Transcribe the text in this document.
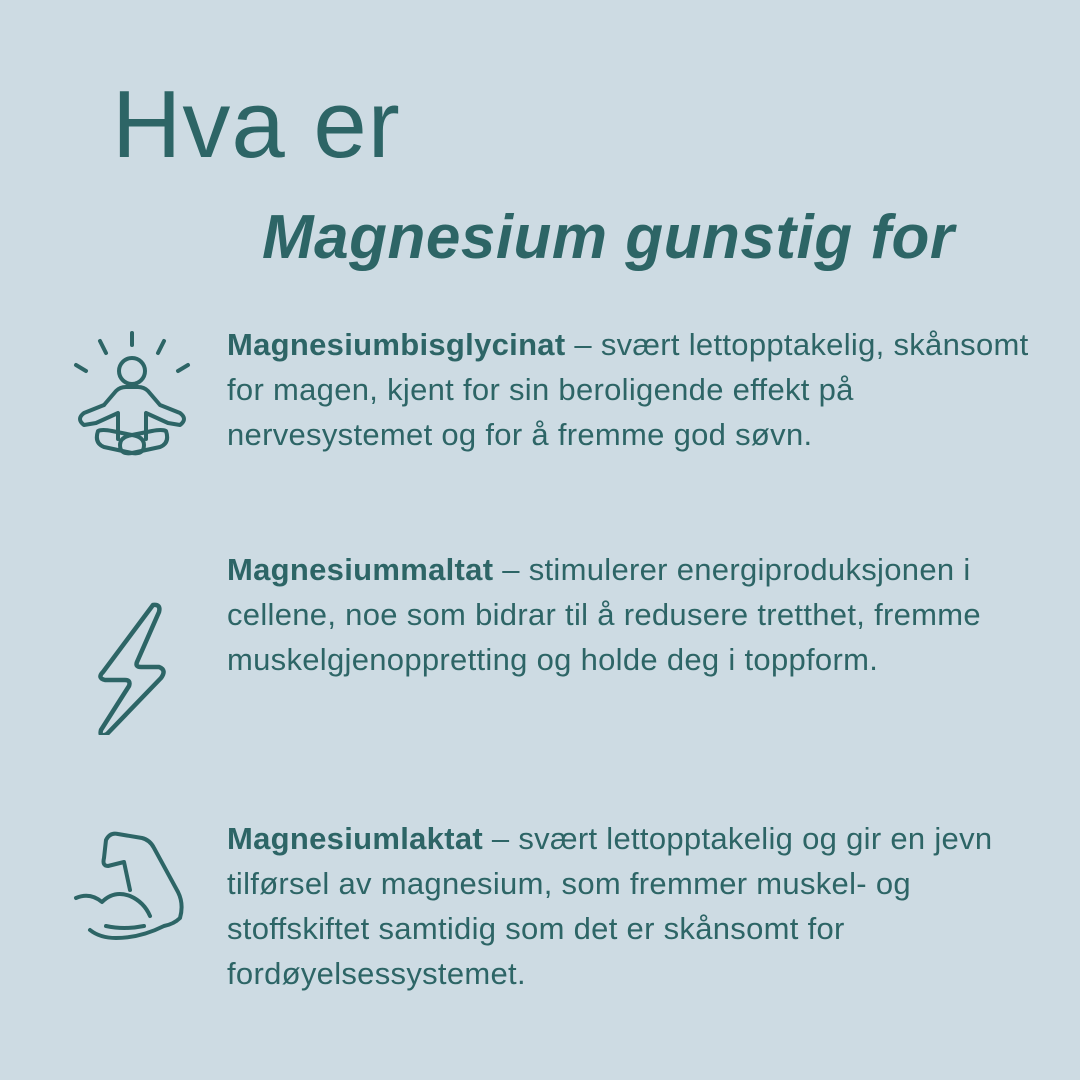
Hva er
Magnesium gunstig for
Magnesiumbisglycinat – svært lettopptakelig, skånsomt for magen, kjent for sin beroligende effekt på nervesystemet og for å fremme god søvn.
Magnesiummaltat – stimulerer energiproduksjonen i cellene, noe som bidrar til å redusere tretthet, fremme muskelgjenoppretting og holde deg i toppform.
Magnesiumlaktat – svært lettopptakelig og gir en jevn tilførsel av magnesium, som fremmer muskel- og stoffskiftet samtidig som det er skånsomt for fordøyelsessystemet.
